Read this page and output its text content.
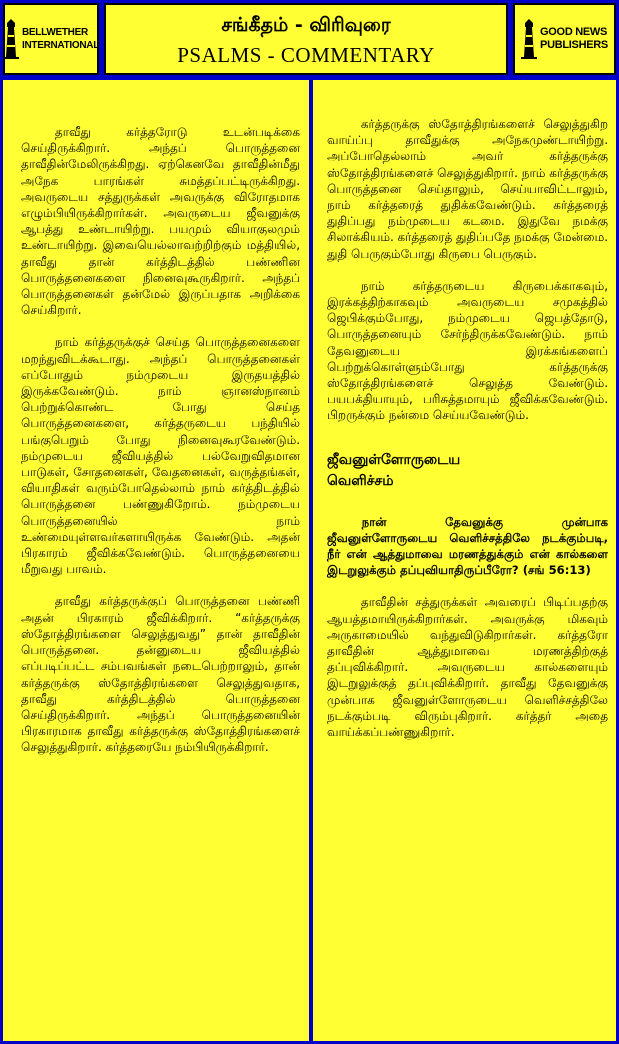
BELLWETHER
INTERNATIONAL
சங்கீதம் - விரிவுரை
PSALMS - COMMENTARY
GOOD NEWS
PUBLISHERS

தாவீது கர்த்தரோடு உடன்படிக்கை செய்திருக்கிறார். அந்தப் பொருத்தனை தாவீதின்மேலிருக்கிறது. ஏற்கெனவே தாவீதின்மீது அநேக பாரங்கள் சுமத்தப்பட்டிருக்கிறது. அவருடைய சத்துருக்கள் அவருக்கு விரோதமாக எழும்பியிருக்கிறார்கள். அவருடைய ஜீவனுக்கு ஆபத்து உண்டாயிற்று. பயமும் வியாகுலமும் உண்டாயிற்று. இவையெல்லாவற்றிற்கும் மத்தியில், தாவீது தான் கர்த்திடத்தில் பண்ணின பொருத்தனைகளை நினைவுகூருகிறார். அந்தப் பொருத்தனைகள் தன்மேல் இருப்பதாக அறிக்கை செய்கிறார்.

நாம் கர்த்தருக்குச் செய்த பொருத்தனைகளை மறந்துவிடக்கூடாது. அந்தப் பொருத்தனைகள் எப்போதும் நம்முடைய இருதயத்தில் இருக்கவேண்டும். நாம் ஞானஸ்நானம் பெற்றுக்கொண்ட போது செய்த பொருத்தனைகளை, கர்த்தருடைய பந்தியில் பங்குபெறும் போது நினைவுகூரவேண்டும். நம்முடைய ஜீவியத்தில் பல்வேறுவிதமான பாடுகள், சோதனைகள், வேதனைகள், வருத்தங்கள், வியாதிகள் வரும்போதெல்லாம் நாம் கர்த்திடத்தில் பொருத்தனை பண்ணுகிறோம். நம்முடைய பொருத்தனையில் நாம் உண்மையுள்ளவர்களாயிருக்க வேண்டும். அதன் பிரகாரம் ஜீவிக்கவேண்டும். பொருத்தனையை மீறுவது பாவம்.

தாவீது கர்த்தருக்குப் பொருத்தனை பண்ணி அதன் பிரகாரம் ஜீவிக்கிறார். “கர்த்தருக்கு ஸ்தோத்திரங்களை செலுத்துவது” தான் தாவீதின் பொருத்தனை. தன்னுடைய ஜீவியத்தில் எப்படிப்பட்ட சம்பவங்கள் நடைபெற்றாலும், தான் கர்த்தருக்கு ஸ்தோத்திரங்களை செலுத்துவதாக, தாவீது கர்த்திடத்தில் பொருத்தனை செய்திருக்கிறார். அந்தப் பொருத்தனையின் பிரகாரமாக தாவீது கர்த்தருக்கு ஸ்தோத்திரங்களைச் செலுத்துகிறார். கர்த்தரையே நம்பியிருக்கிறார்.

கர்த்தருக்கு ஸ்தோத்திரங்களைச் செலுத்துகிற வாய்ப்பு தாவீதுக்கு அநேகமுண்டாயிற்று. அப்போதெல்லாம் அவர் கர்த்தருக்கு ஸ்தோத்திரங்களைச் செலுத்துகிறார். நாம் கர்த்தருக்கு பொருத்தனை செய்தாலும், செய்யாவிட்டாலும், நாம் கர்த்தரைத் துதிக்கவேண்டும். கர்த்தரைத் துதிப்பது நம்முடைய கடமை. இதுவே நமக்கு சிலாக்கியம். கர்த்தரைத் துதிப்பதே நமக்கு மேன்மை. துதி பெருகும்போது கிருபை பெருகும்.

நாம் கர்த்தருடைய கிருபைக்காகவும், இரக்கத்திற்காகவும் அவருடைய சமுகத்தில் ஜெபிக்கும்போது, நம்முடைய ஜெபத்தோடு, பொருத்தனையும் சேர்ந்திருக்கவேண்டும். நாம் தேவனுடைய இரக்கங்களைப் பெற்றுக்கொள்ளும்போது கர்த்தருக்கு ஸ்தோத்திரங்களைச் செலுத்த வேண்டும். பயபக்தியாயும், பரிசுத்தமாயும் ஜீவிக்கவேண்டும். பிறருக்கும் நன்மை செய்யவேண்டும்.

ஜீவனுள்ளோருடைய
வெளிச்சம்

நான் தேவனுக்கு முன்பாக ஜீவனுள்ளோருடைய வெளிச்சத்திலே நடக்கும்படி, நீர் என் ஆத்துமாவை மரணத்துக்கும் என் கால்களை இடறுலுக்கும் தப்புவியாதிருப்பீரோ? (சங் 56:13)

தாவீதின் சத்துருக்கள் அவரைப் பிடிப்பதற்கு ஆயத்தமாயிருக்கிறார்கள். அவருக்கு மிகவும் அருகாமையில் வந்துவிடுகிறார்கள். கர்த்தரோ தாவீதின் ஆத்துமாவை மரணத்திற்குத் தப்புவிக்கிறார். அவருடைய கால்களையும் இடறுலுக்குத் தப்புவிக்கிறார். தாவீது தேவனுக்கு முன்பாக ஜீவனுள்ளோருடைய வெளிச்சத்திலே நடக்கும்படி விரும்புகிறார். கர்த்தர் அதை வாய்க்கப்பண்ணுகிறார்.
